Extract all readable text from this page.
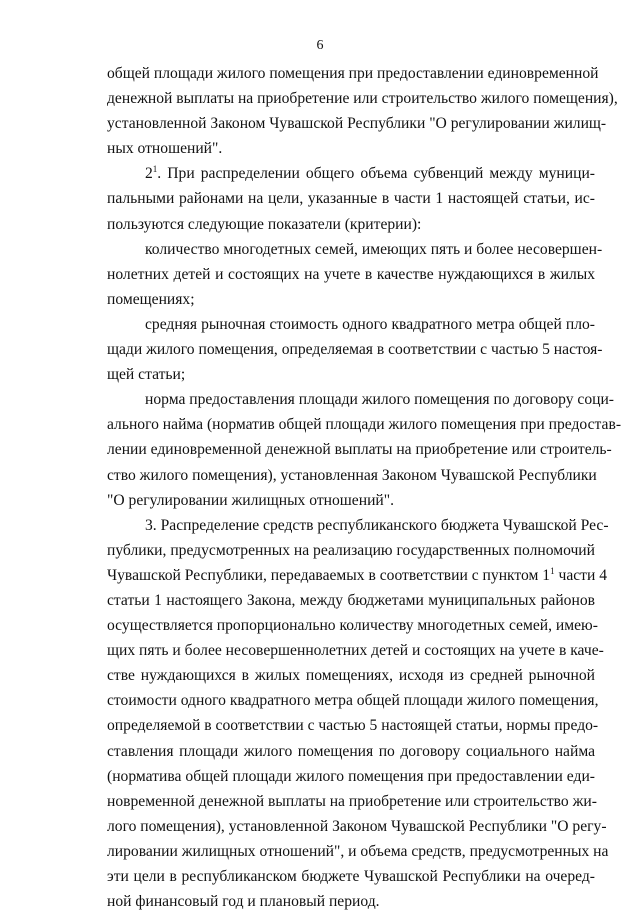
6
общей площади жилого помещения при предоставлении единовременной
денежной выплаты на приобретение или строительство жилого помещения),
установленной Законом Чувашской Республики "О регулировании жилищ-
ных отношений".
$2^1$. При распределении общего объема субвенций между муници-
пальными районами на цели, указанные в части 1 настоящей статьи, ис-
пользуются следующие показатели (критерии):
количество многодетных семей, имеющих пять и более несовершен-
нолетних детей и состоящих на учете в качестве нуждающихся в жилых
помещениях;
средняя рыночная стоимость одного квадратного метра общей пло-
щади жилого помещения, определяемая в соответствии с частью 5 настоя-
щей статьи;
норма предоставления площади жилого помещения по договору соци-
ального найма (норматив общей площади жилого помещения при предостав-
лении единовременной денежной выплаты на приобретение или строитель-
ство жилого помещения), установленная Законом Чувашской Республики
"О регулировании жилищных отношений".
3. Распределение средств республиканского бюджета Чувашской Рес-
публики, предусмотренных на реализацию государственных полномочий
Чувашской Республики, передаваемых в соответствии с пунктом $1^1$ части 4
статьи 1 настоящего Закона, между бюджетами муниципальных районов
осуществляется пропорционально количеству многодетных семей, имею-
щих пять и более несовершеннолетних детей и состоящих на учете в каче-
стве нуждающихся в жилых помещениях, исходя из средней рыночной
стоимости одного квадратного метра общей площади жилого помещения,
определяемой в соответствии с частью 5 настоящей статьи, нормы предо-
ставления площади жилого помещения по договору социального найма
(норматива общей площади жилого помещения при предоставлении еди-
новременной денежной выплаты на приобретение или строительство жи-
лого помещения), установленной Законом Чувашской Республики "О регу-
лировании жилищных отношений", и объема средств, предусмотренных на
эти цели в республиканском бюджете Чувашской Республики на очеред-
ной финансовый год и плановый период.
